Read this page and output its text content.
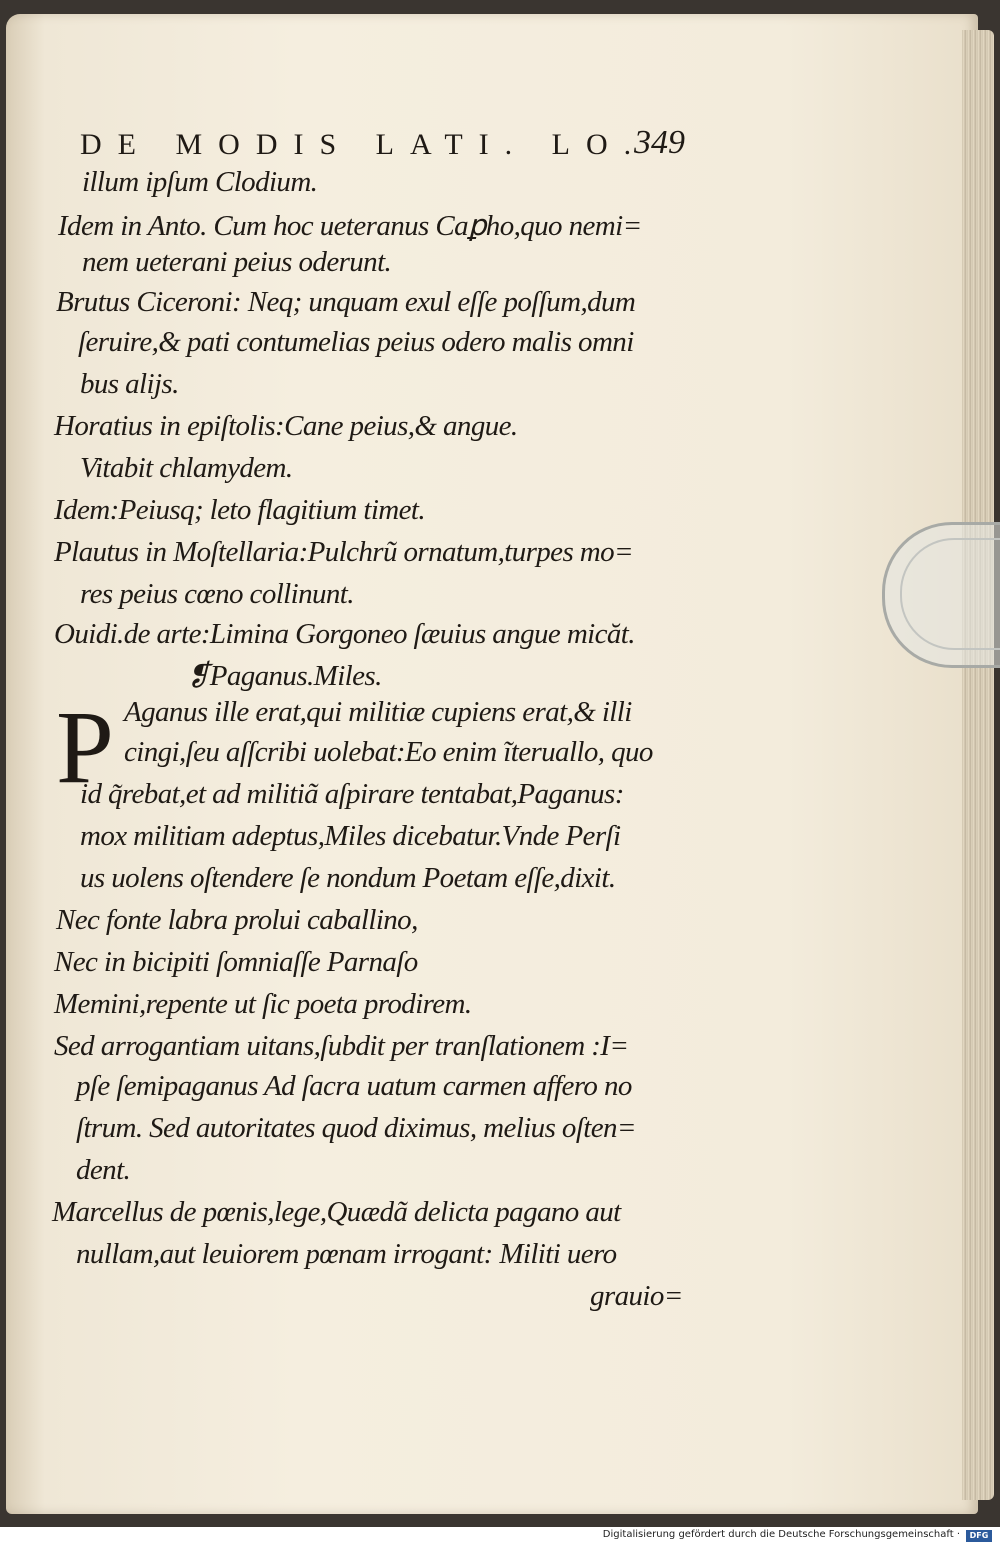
DE MODIS LATI. LO.
349
illum ipſum Clodium.
Idem in Anto. Cum hoc ueteranus Caꝑho,quo nemi=
nem ueterani peius oderunt.
Brutus Ciceroni: Neq; unquam exul eſſe poſſum,dum
ſeruire,& pati contumelias peius odero malis omni
bus alijs.
Horatius in epiſtolis:Cane peius,& angue.
Vitabit chlamydem.
Idem:Peiusq; leto flagitium timet.
Plautus in Moſtellaria:Pulchrũ ornatum,turpes mo=
res peius cœno collinunt.
Ouidi.de arte:Limina Gorgoneo ſæuius angue micăt.
❡Paganus.Miles.
P Aganus ille erat,qui militiæ cupiens erat,& illi
cingi,ſeu aſſcribi uolebat:Eo enim ĩteruallo, quo
id q̃rebat,et ad militiã aſpirare tentabat,Paganus:
mox militiam adeptus,Miles dicebatur.Vnde Perſi
us uolens oſtendere ſe nondum Poetam eſſe,dixit.
Nec fonte labra prolui caballino,
Nec in bicipiti ſomniaſſe Parnaſo
Memini,repente ut ſic poeta prodirem.
Sed arrogantiam uitans,ſubdit per tranſlationem :I=
pſe ſemipaganus Ad ſacra uatum carmen affero no
ſtrum. Sed autoritates quod diximus, melius oſten=
dent.
Marcellus de pœnis,lege,Quædã delicta pagano aut
nullam,aut leuiorem pœnam irrogant: Militi uero
grauio=
Digitalisierung gefördert durch die Deutsche Forschungsgemeinschaft ·	DFG
